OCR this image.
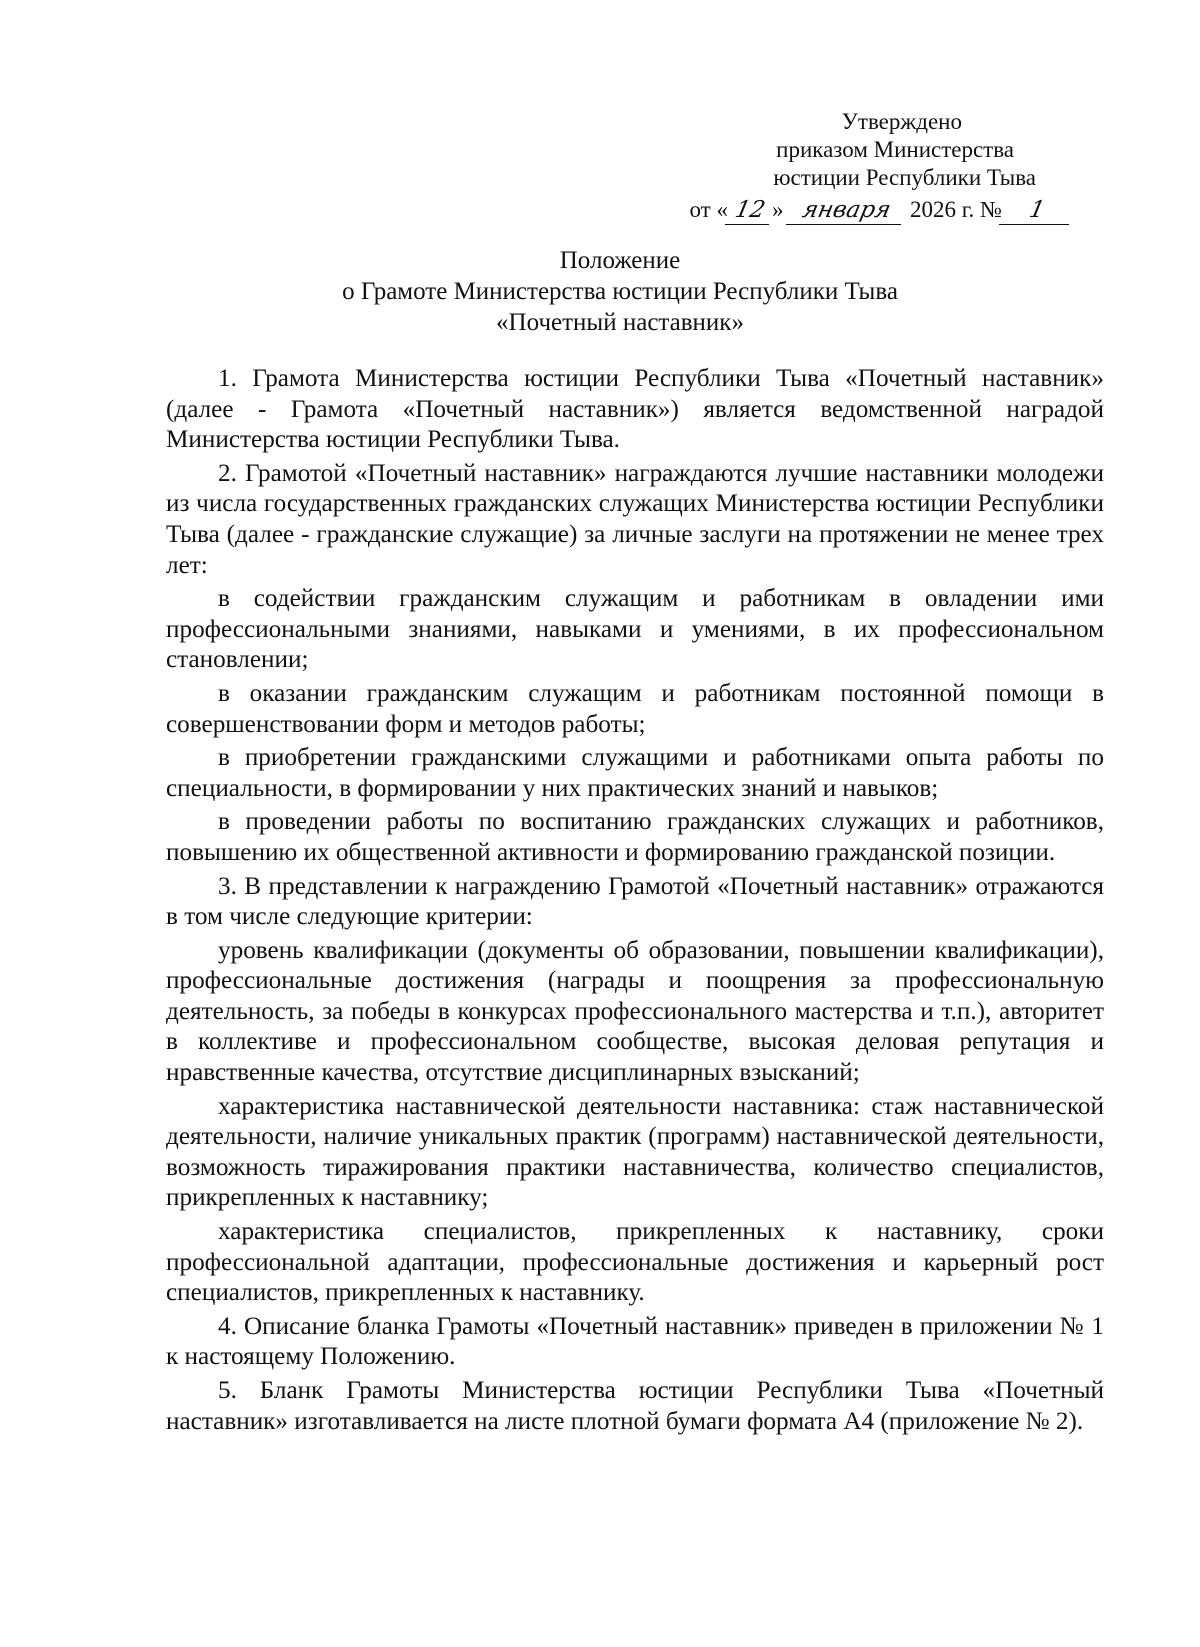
Утверждено
приказом Министерства
юстиции Республики Тыва
от « 12 » января 2026 г. № 1
Положение
о Грамоте Министерства юстиции Республики Тыва
«Почетный наставник»

1. Грамота Министерства юстиции Республики Тыва «Почетный наставник» (далее - Грамота «Почетный наставник») является ведомственной наградой Министерства юстиции Республики Тыва.

2. Грамотой «Почетный наставник» награждаются лучшие наставники молодежи из числа государственных гражданских служащих Министерства юстиции Республики Тыва (далее - гражданские служащие) за личные заслуги на протяжении не менее трех лет:

в содействии гражданским служащим и работникам в овладении ими профессиональными знаниями, навыками и умениями, в их профессиональном становлении;

в оказании гражданским служащим и работникам постоянной помощи в совершенствовании форм и методов работы;

в приобретении гражданскими служащими и работниками опыта работы по специальности, в формировании у них практических знаний и навыков;

в проведении работы по воспитанию гражданских служащих и работников, повышению их общественной активности и формированию гражданской позиции.

3. В представлении к награждению Грамотой «Почетный наставник» отражаются в том числе следующие критерии:

уровень квалификации (документы об образовании, повышении квалификации), профессиональные достижения (награды и поощрения за профессиональную деятельность, за победы в конкурсах профессионального мастерства и т.п.), авторитет в коллективе и профессиональном сообществе, высокая деловая репутация и нравственные качества, отсутствие дисциплинарных взысканий;

характеристика наставнической деятельности наставника: стаж наставнической деятельности, наличие уникальных практик (программ) наставнической деятельности, возможность тиражирования практики наставничества, количество специалистов, прикрепленных к наставнику;

характеристика специалистов, прикрепленных к наставнику, сроки профессиональной адаптации, профессиональные достижения и карьерный рост специалистов, прикрепленных к наставнику.

4. Описание бланка Грамоты «Почетный наставник» приведен в приложении № 1 к настоящему Положению.

5. Бланк Грамоты Министерства юстиции Республики Тыва «Почетный наставник» изготавливается на листе плотной бумаги формата А4 (приложение № 2).
